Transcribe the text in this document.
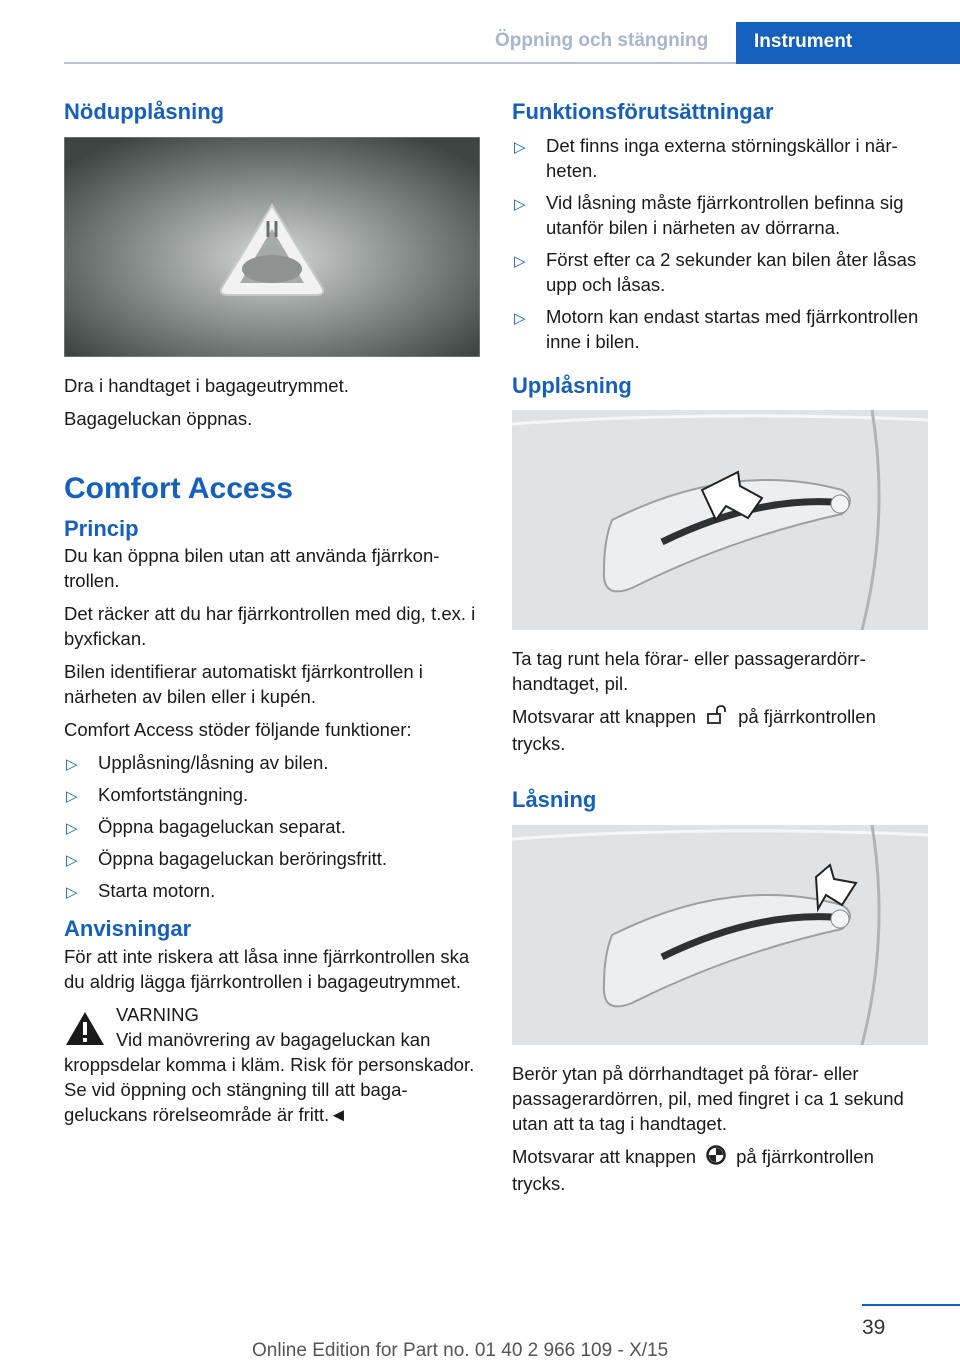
Öppning och stängning	Instrument
Nödupplåsning

Dra i handtaget i bagageutrymmet.

Bagageluckan öppnas.

Comfort Access
Princip

Du kan öppna bilen utan att använda fjärrkontrollen.

Det räcker att du har fjärrkontrollen med dig, t.ex. i byxfickan.

Bilen identifierar automatiskt fjärrkontrollen i närheten av bilen eller i kupén.

Comfort Access stöder följande funktioner:

▷ Upplåsning/låsning av bilen.
▷ Komfortstängning.
▷ Öppna bagageluckan separat.
▷ Öppna bagageluckan beröringsfritt.
▷ Starta motorn.
Anvisningar

För att inte riskera att låsa inne fjärrkontrollen ska du aldrig lägga fjärrkontrollen i bagageutrymmet.

VARNING
Vid manövrering av bagageluckan kan
kroppsdelar komma i kläm. Risk för personskador. Se vid öppning och stängning till att bagageluckans rörelseområde är fritt.◄
Funktionsförutsättningar
▷ Det finns inga externa störningskällor i närheten.
▷ Vid låsning måste fjärrkontrollen befinna sig utanför bilen i närheten av dörrarna.
▷ Först efter ca 2 sekunder kan bilen åter låsas upp och låsas.
▷ Motorn kan endast startas med fjärrkontrollen inne i bilen.
Upplåsning

Ta tag runt hela förar- eller passagerardörrhandtaget, pil.

Motsvarar att knappen på fjärrkontrollen trycks.

Låsning

Berör ytan på dörrhandtaget på förar- eller passagerardörren, pil, med fingret i ca 1 sekund utan att ta tag i handtaget.

Motsvarar att knappen på fjärrkontrollen trycks.

39
Online Edition for Part no. 01 40 2 966 109 - X/15
